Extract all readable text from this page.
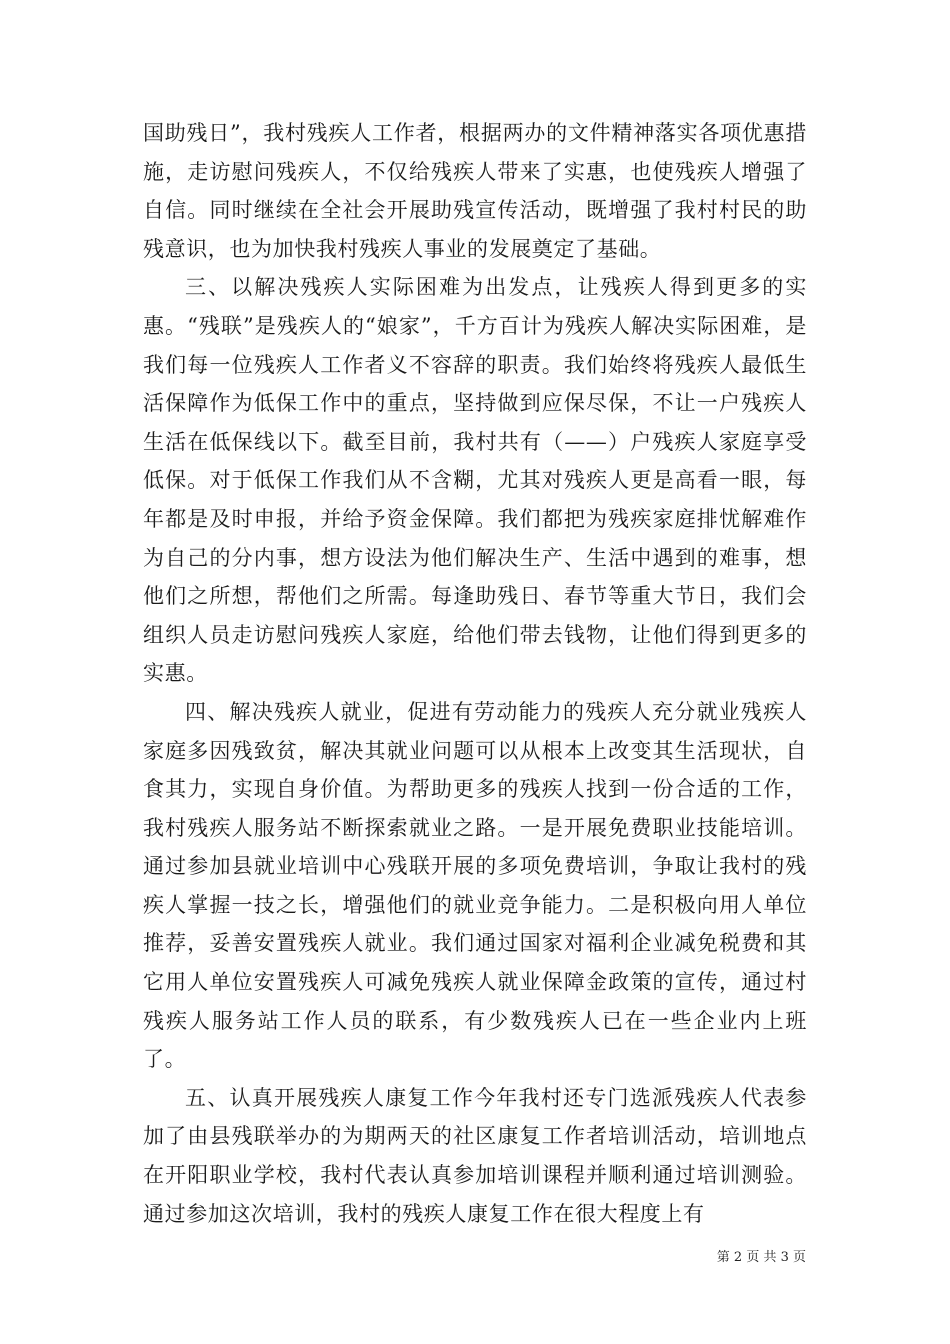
国助残日”，我村残疾人工作者，根据两办的文件精神落实各项优惠措施，走访慰问残疾人，不仅给残疾人带来了实惠，也使残疾人增强了自信。同时继续在全社会开展助残宣传活动，既增强了我村村民的助残意识，也为加快我村残疾人事业的发展奠定了基础。

三、以解决残疾人实际困难为出发点，让残疾人得到更多的实惠。“残联”是残疾人的“娘家”，千方百计为残疾人解决实际困难，是我们每一位残疾人工作者义不容辞的职责。我们始终将残疾人最低生活保障作为低保工作中的重点，坚持做到应保尽保，不让一户残疾人生活在低保线以下。截至目前，我村共有（——）户残疾人家庭享受低保。对于低保工作我们从不含糊，尤其对残疾人更是高看一眼，每年都是及时申报，并给予资金保障。我们都把为残疾家庭排忧解难作为自己的分内事，想方设法为他们解决生产、生活中遇到的难事，想他们之所想，帮他们之所需。每逢助残日、春节等重大节日，我们会组织人员走访慰问残疾人家庭，给他们带去钱物，让他们得到更多的实惠。

四、解决残疾人就业，促进有劳动能力的残疾人充分就业残疾人家庭多因残致贫，解决其就业问题可以从根本上改变其生活现状，自食其力，实现自身价值。为帮助更多的残疾人找到一份合适的工作，我村残疾人服务站不断探索就业之路。一是开展免费职业技能培训。通过参加县就业培训中心残联开展的多项免费培训，争取让我村的残疾人掌握一技之长，增强他们的就业竞争能力。二是积极向用人单位推荐，妥善安置残疾人就业。我们通过国家对福利企业减免税费和其它用人单位安置残疾人可减免残疾人就业保障金政策的宣传，通过村残疾人服务站工作人员的联系，有少数残疾人已在一些企业内上班了。

五、认真开展残疾人康复工作今年我村还专门选派残疾人代表参加了由县残联举办的为期两天的社区康复工作者培训活动，培训地点在开阳职业学校，我村代表认真参加培训课程并顺利通过培训测验。通过参加这次培训，我村的残疾人康复工作在很大程度上有

第 2 页 共 3 页
